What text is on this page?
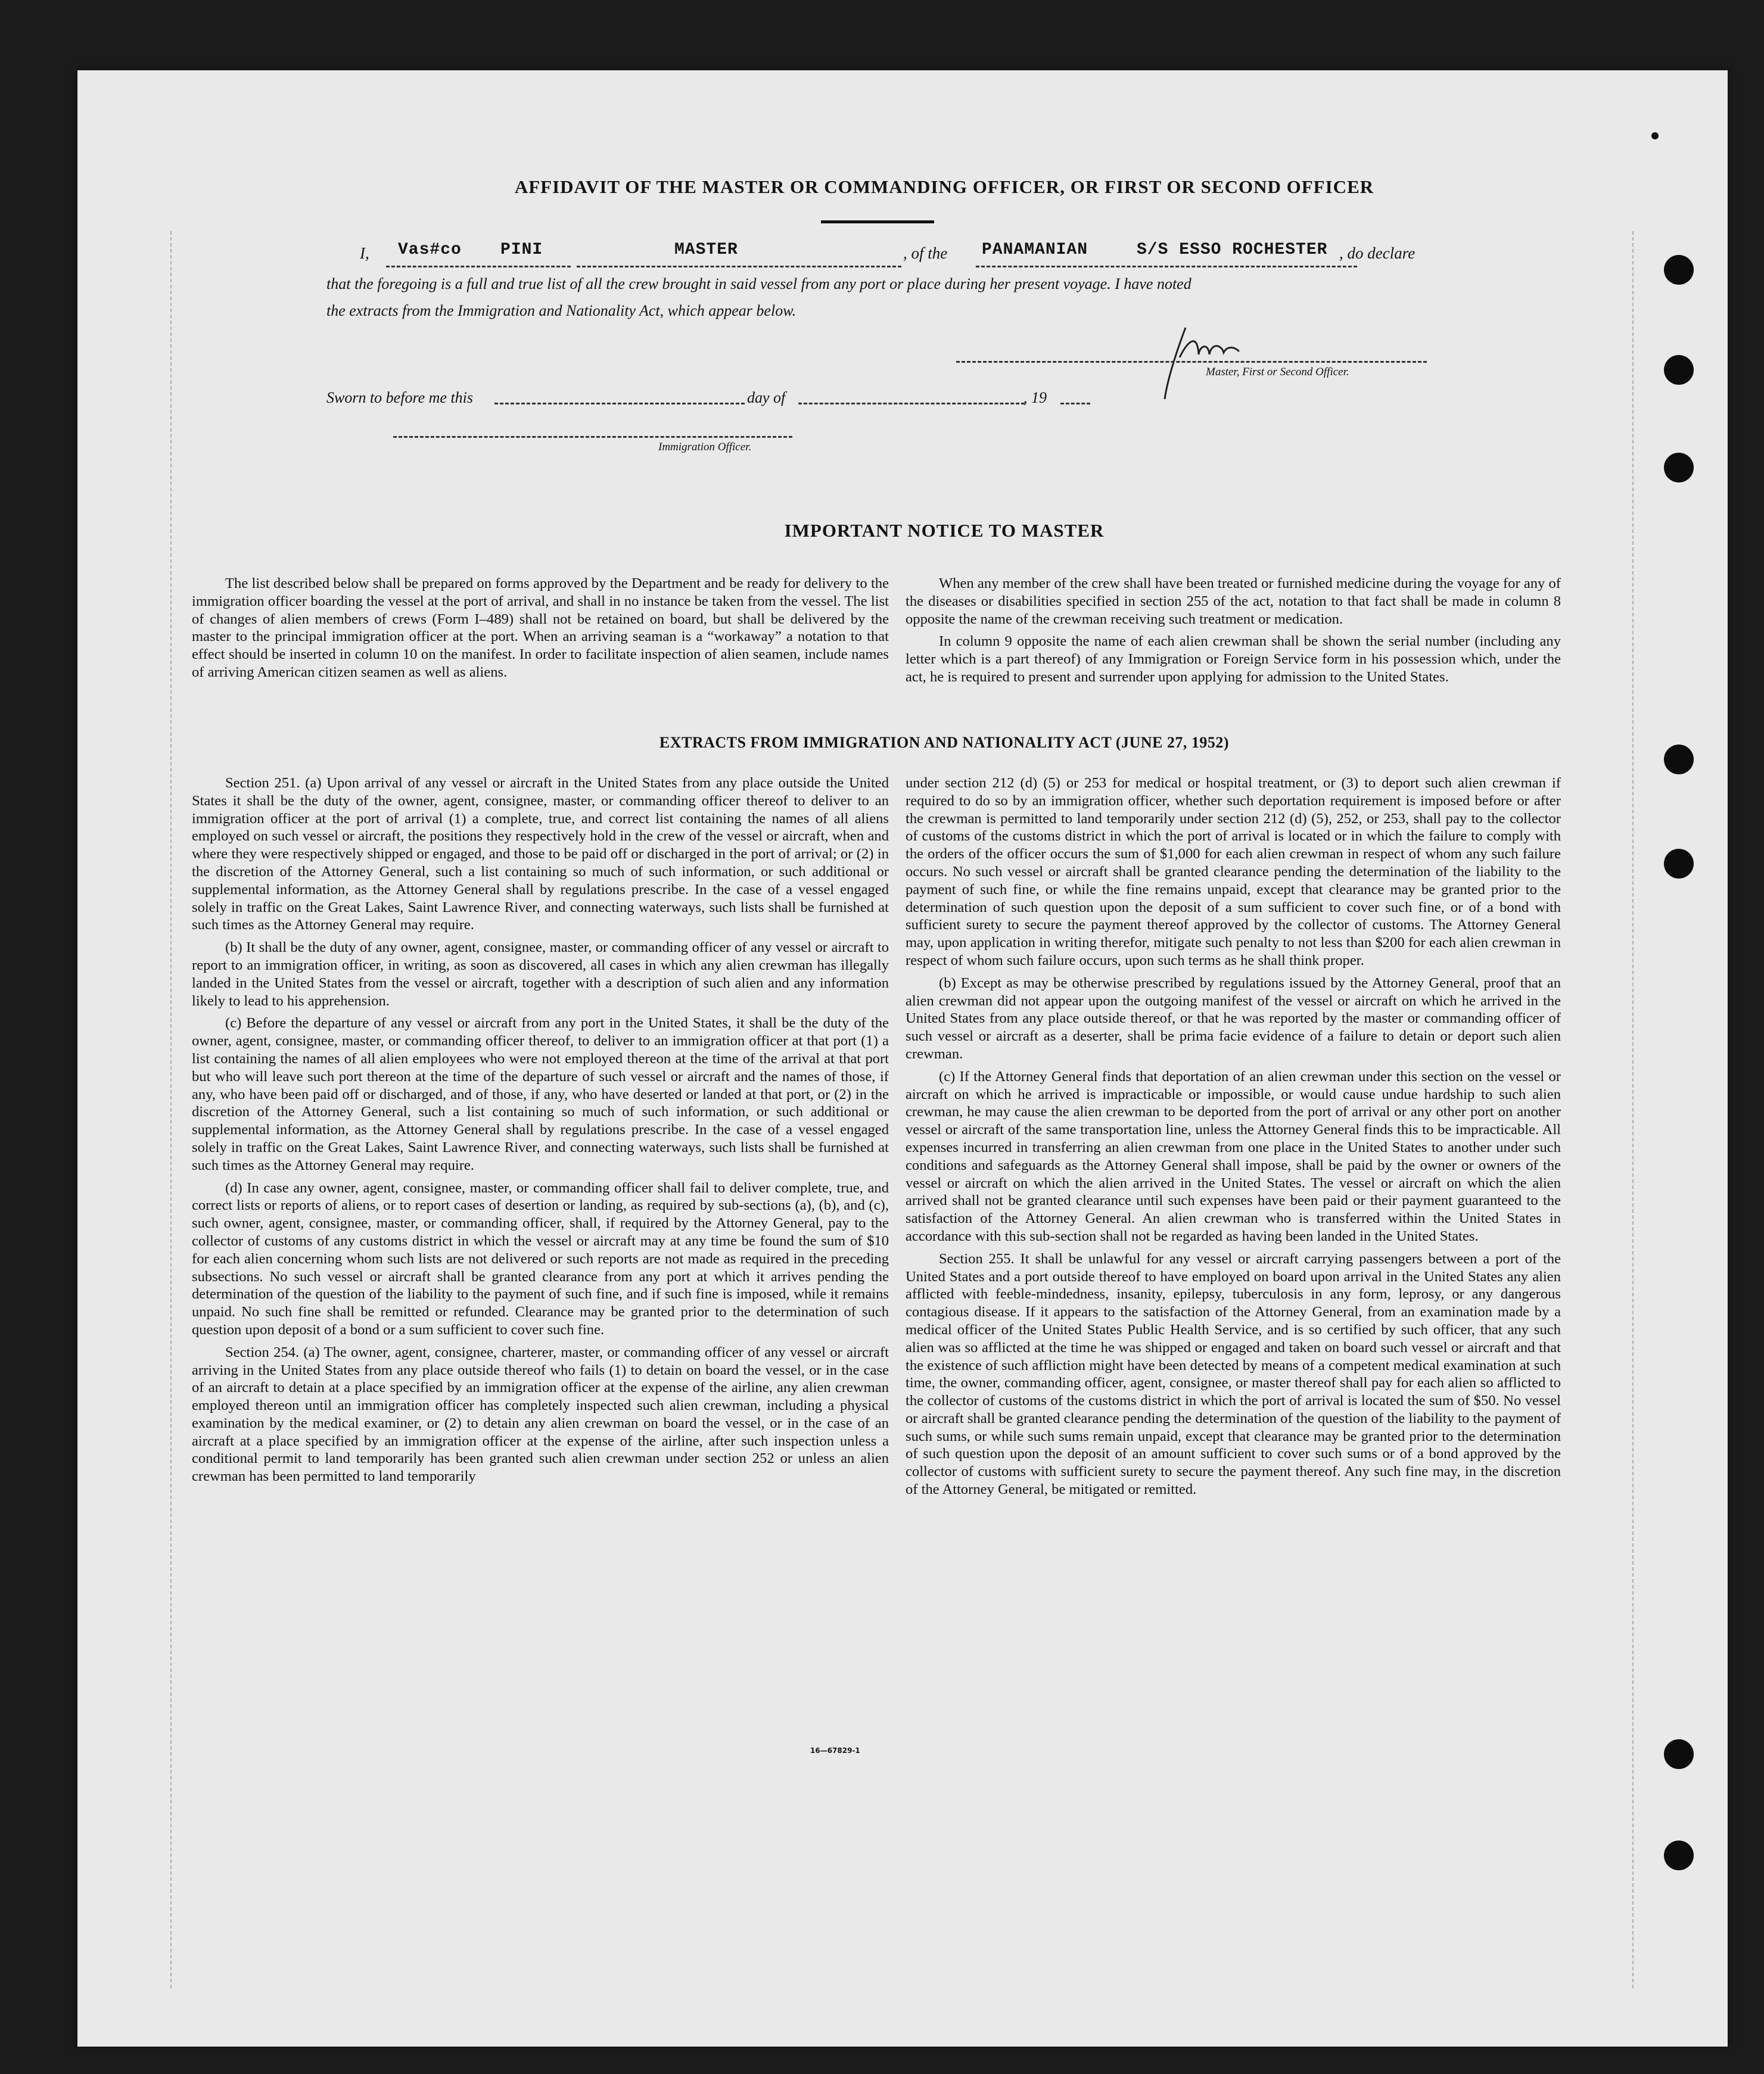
AFFIDAVIT OF THE MASTER OR COMMANDING OFFICER, OR FIRST OR SECOND OFFICER
I, Vas#co PINI	MASTER	, of the PANAMANIAN	S/S ESSO ROCHESTER , do declare
that the foregoing is a full and true list of all the crew brought in said vessel from any port or place during her present voyage. I have noted
the extracts from the Immigration and Nationality Act, which appear below.
Master, First or Second Officer.
Sworn to before me this	day of	, 19
Immigration Officer.
IMPORTANT NOTICE TO MASTER

The list described below shall be prepared on forms approved by the Department and be ready for delivery to the immigration officer boarding the vessel at the port of arrival, and shall in no instance be taken from the vessel. The list of changes of alien members of crews (Form I–489) shall not be retained on board, but shall be delivered by the master to the principal immigration officer at the port. When an arriving seaman is a “workaway” a notation to that effect should be inserted in column 10 on the manifest. In order to facilitate inspection of alien seamen, include names of arriving American citizen seamen as well as aliens.

When any member of the crew shall have been treated or furnished medicine during the voyage for any of the diseases or disabilities specified in section 255 of the act, notation to that fact shall be made in column 8 opposite the name of the crewman receiving such treatment or medication.

In column 9 opposite the name of each alien crewman shall be shown the serial number (including any letter which is a part thereof) of any Immigration or Foreign Service form in his possession which, under the act, he is required to present and surrender upon applying for admission to the United States.

EXTRACTS FROM IMMIGRATION AND NATIONALITY ACT (JUNE 27, 1952)

Section 251. (a) Upon arrival of any vessel or aircraft in the United States from any place outside the United States it shall be the duty of the owner, agent, consignee, master, or commanding officer thereof to deliver to an immigration officer at the port of arrival (1) a complete, true, and correct list containing the names of all aliens employed on such vessel or aircraft, the positions they respectively hold in the crew of the vessel or aircraft, when and where they were respectively shipped or engaged, and those to be paid off or discharged in the port of arrival; or (2) in the discretion of the Attorney General, such a list containing so much of such information, or such additional or supplemental information, as the Attorney General shall by regulations prescribe. In the case of a vessel engaged solely in traffic on the Great Lakes, Saint Lawrence River, and connecting waterways, such lists shall be furnished at such times as the Attorney General may require.

(b) It shall be the duty of any owner, agent, consignee, master, or commanding officer of any vessel or aircraft to report to an immigration officer, in writing, as soon as discovered, all cases in which any alien crewman has illegally landed in the United States from the vessel or aircraft, together with a description of such alien and any information likely to lead to his apprehension.

(c) Before the departure of any vessel or aircraft from any port in the United States, it shall be the duty of the owner, agent, consignee, master, or commanding officer thereof, to deliver to an immigration officer at that port (1) a list containing the names of all alien employees who were not employed thereon at the time of the arrival at that port but who will leave such port thereon at the time of the departure of such vessel or aircraft and the names of those, if any, who have been paid off or discharged, and of those, if any, who have deserted or landed at that port, or (2) in the discretion of the Attorney General, such a list containing so much of such information, or such additional or supplemental information, as the Attorney General shall by regulations prescribe. In the case of a vessel engaged solely in traffic on the Great Lakes, Saint Lawrence River, and connecting waterways, such lists shall be furnished at such times as the Attorney General may require.

(d) In case any owner, agent, consignee, master, or commanding officer shall fail to deliver complete, true, and correct lists or reports of aliens, or to report cases of desertion or landing, as required by sub-sections (a), (b), and (c), such owner, agent, consignee, master, or commanding officer, shall, if required by the Attorney General, pay to the collector of customs of any customs district in which the vessel or aircraft may at any time be found the sum of $10 for each alien concerning whom such lists are not delivered or such reports are not made as required in the preceding subsections. No such vessel or aircraft shall be granted clearance from any port at which it arrives pending the determination of the question of the liability to the payment of such fine, and if such fine is imposed, while it remains unpaid. No such fine shall be remitted or refunded. Clearance may be granted prior to the determination of such question upon deposit of a bond or a sum sufficient to cover such fine.

Section 254. (a) The owner, agent, consignee, charterer, master, or commanding officer of any vessel or aircraft arriving in the United States from any place outside thereof who fails (1) to detain on board the vessel, or in the case of an aircraft to detain at a place specified by an immigration officer at the expense of the airline, any alien crewman employed thereon until an immigration officer has completely inspected such alien crewman, including a physical examination by the medical examiner, or (2) to detain any alien crewman on board the vessel, or in the case of an aircraft at a place specified by an immigration officer at the expense of the airline, after such inspection unless a conditional permit to land temporarily has been granted such alien crewman under section 252 or unless an alien crewman has been permitted to land temporarily

under section 212 (d) (5) or 253 for medical or hospital treatment, or (3) to deport such alien crewman if required to do so by an immigration officer, whether such deportation requirement is imposed before or after the crewman is permitted to land temporarily under section 212 (d) (5), 252, or 253, shall pay to the collector of customs of the customs district in which the port of arrival is located or in which the failure to comply with the orders of the officer occurs the sum of $1,000 for each alien crewman in respect of whom any such failure occurs. No such vessel or aircraft shall be granted clearance pending the determination of the liability to the payment of such fine, or while the fine remains unpaid, except that clearance may be granted prior to the determination of such question upon the deposit of a sum sufficient to cover such fine, or of a bond with sufficient surety to secure the payment thereof approved by the collector of customs. The Attorney General may, upon application in writing therefor, mitigate such penalty to not less than $200 for each alien crewman in respect of whom such failure occurs, upon such terms as he shall think proper.

(b) Except as may be otherwise prescribed by regulations issued by the Attorney General, proof that an alien crewman did not appear upon the outgoing manifest of the vessel or aircraft on which he arrived in the United States from any place outside thereof, or that he was reported by the master or commanding officer of such vessel or aircraft as a deserter, shall be prima facie evidence of a failure to detain or deport such alien crewman.

(c) If the Attorney General finds that deportation of an alien crewman under this section on the vessel or aircraft on which he arrived is impracticable or impossible, or would cause undue hardship to such alien crewman, he may cause the alien crewman to be deported from the port of arrival or any other port on another vessel or aircraft of the same transportation line, unless the Attorney General finds this to be impracticable. All expenses incurred in transferring an alien crewman from one place in the United States to another under such conditions and safeguards as the Attorney General shall impose, shall be paid by the owner or owners of the vessel or aircraft on which the alien arrived in the United States. The vessel or aircraft on which the alien arrived shall not be granted clearance until such expenses have been paid or their payment guaranteed to the satisfaction of the Attorney General. An alien crewman who is transferred within the United States in accordance with this sub-section shall not be regarded as having been landed in the United States.

Section 255. It shall be unlawful for any vessel or aircraft carrying passengers between a port of the United States and a port outside thereof to have employed on board upon arrival in the United States any alien afflicted with feeble-mindedness, insanity, epilepsy, tuberculosis in any form, leprosy, or any dangerous contagious disease. If it appears to the satisfaction of the Attorney General, from an examination made by a medical officer of the United States Public Health Service, and is so certified by such officer, that any such alien was so afflicted at the time he was shipped or engaged and taken on board such vessel or aircraft and that the existence of such affliction might have been detected by means of a competent medical examination at such time, the owner, commanding officer, agent, consignee, or master thereof shall pay for each alien so afflicted to the collector of customs of the customs district in which the port of arrival is located the sum of $50. No vessel or aircraft shall be granted clearance pending the determination of the question of the liability to the payment of such sums, or while such sums remain unpaid, except that clearance may be granted prior to the determination of such question upon the deposit of an amount sufficient to cover such sums or of a bond approved by the collector of customs with sufficient surety to secure the payment thereof. Any such fine may, in the discretion of the Attorney General, be mitigated or remitted.

16—67829-1
